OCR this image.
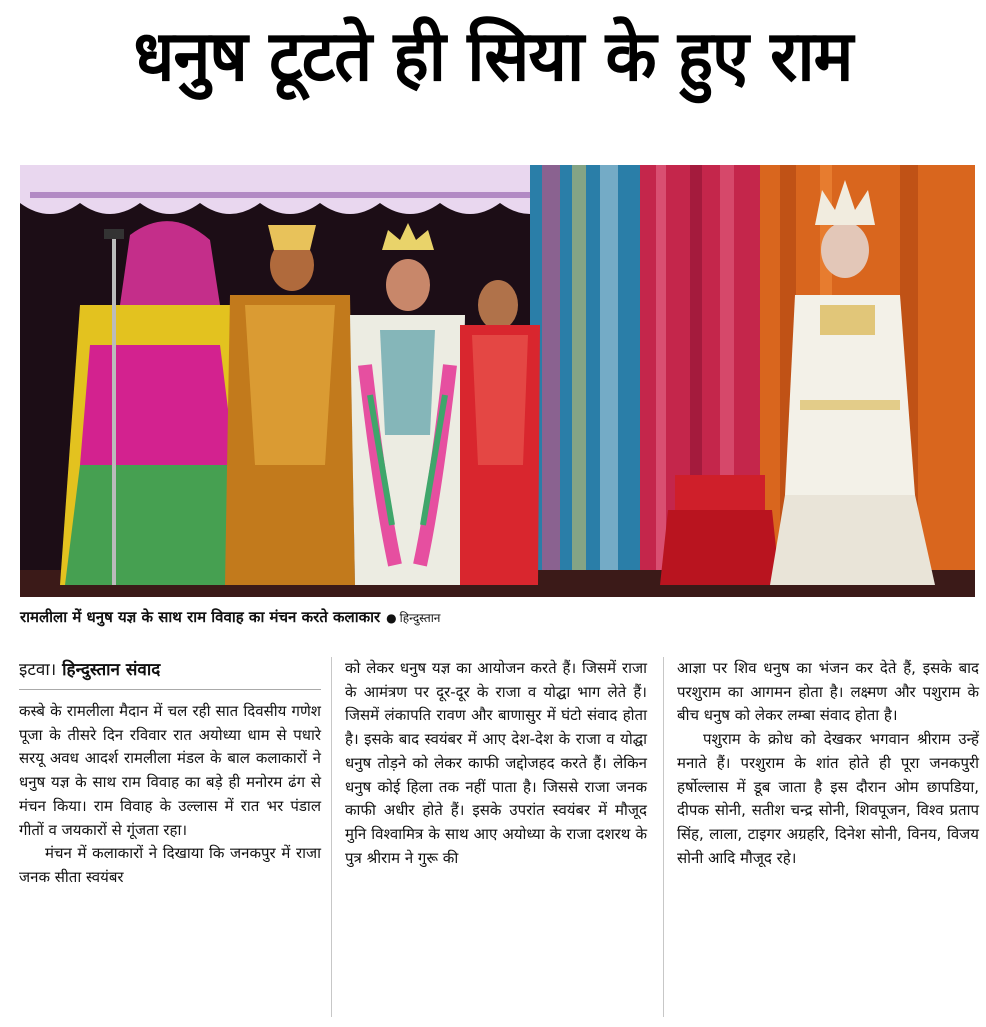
धनुष टूटते ही सिया के हुए राम
रामलीला में धनुष यज्ञ के साथ राम विवाह का मंचन करते कलाकार ● हिन्दुस्तान
इटवा। हिन्दुस्तान संवाद

कस्बे के रामलीला मैदान में चल रही सात दिवसीय गणेश पूजा के तीसरे दिन रविवार रात अयोध्या धाम से पधारे सरयू अवध आदर्श रामलीला मंडल के बाल कलाकारों ने धनुष यज्ञ के साथ राम विवाह का बड़े ही मनोरम ढंग से मंचन किया। राम विवाह के उल्लास में रात भर पंडाल गीतों व जयकारों से गूंजता रहा।

मंचन में कलाकारों ने दिखाया कि जनकपुर में राजा जनक सीता स्वयंबर

को लेकर धनुष यज्ञ का आयोजन करते हैं। जिसमें राजा के आमंत्रण पर दूर-दूर के राजा व योद्घा भाग लेते हैं। जिसमें लंकापति रावण और बाणासुर में घंटो संवाद होता है। इसके बाद स्वयंबर में आए देश-देश के राजा व योद्घा धनुष तोड़ने को लेकर काफी जद्दोजहद करते हैं। लेकिन धनुष कोई हिला तक नहीं पाता है। जिससे राजा जनक काफी अधीर होते हैं। इसके उपरांत स्वयंबर में मौजूद मुनि विश्वामित्र के साथ आए अयोध्या के राजा दशरथ के पुत्र श्रीराम ने गुरू की

आज्ञा पर शिव धनुष का भंजन कर देते हैं, इसके बाद परशुराम का आगमन होता है। लक्ष्मण और पशुराम के बीच धनुष को लेकर लम्बा संवाद होता है।

पशुराम के क्रोध को देखकर भगवान श्रीराम उन्हें मनाते हैं। परशुराम के शांत होते ही पूरा जनकपुरी हर्षोल्लास में डूब जाता है इस दौरान ओम छापडिया, दीपक सोनी, सतीश चन्द्र सोनी, शिवपूजन, विश्व प्रताप सिंह, लाला, टाइगर अग्रहरि, दिनेश सोनी, विनय, विजय सोनी आदि मौजूद रहे।
